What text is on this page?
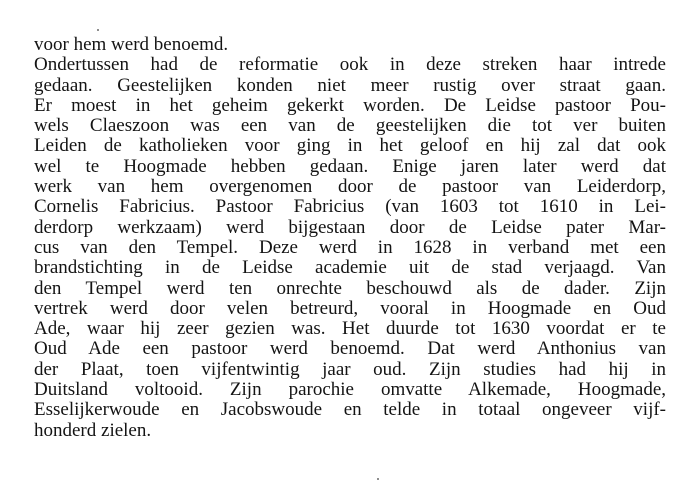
voor hem werd benoemd.
Ondertussen had de reformatie ook in deze streken haar intrede
gedaan. Geestelijken konden niet meer rustig over straat gaan.
Er moest in het geheim gekerkt worden. De Leidse pastoor Pou-
wels Claeszoon was een van de geestelijken die tot ver buiten
Leiden de katholieken voor ging in het geloof en hij zal dat ook
wel te Hoogmade hebben gedaan. Enige jaren later werd dat
werk van hem overgenomen door de pastoor van Leiderdorp,
Cornelis Fabricius. Pastoor Fabricius (van 1603 tot 1610 in Lei-
derdorp werkzaam) werd bijgestaan door de Leidse pater Mar-
cus van den Tempel. Deze werd in 1628 in verband met een
brandstichting in de Leidse academie uit de stad verjaagd. Van
den Tempel werd ten onrechte beschouwd als de dader. Zijn
vertrek werd door velen betreurd, vooral in Hoogmade en Oud
Ade, waar hij zeer gezien was. Het duurde tot 1630 voordat er te
Oud Ade een pastoor werd benoemd. Dat werd Anthonius van
der Plaat, toen vijfentwintig jaar oud. Zijn studies had hij in
Duitsland voltooid. Zijn parochie omvatte Alkemade, Hoogmade,
Esselijkerwoude en Jacobswoude en telde in totaal ongeveer vijf-
honderd zielen.
